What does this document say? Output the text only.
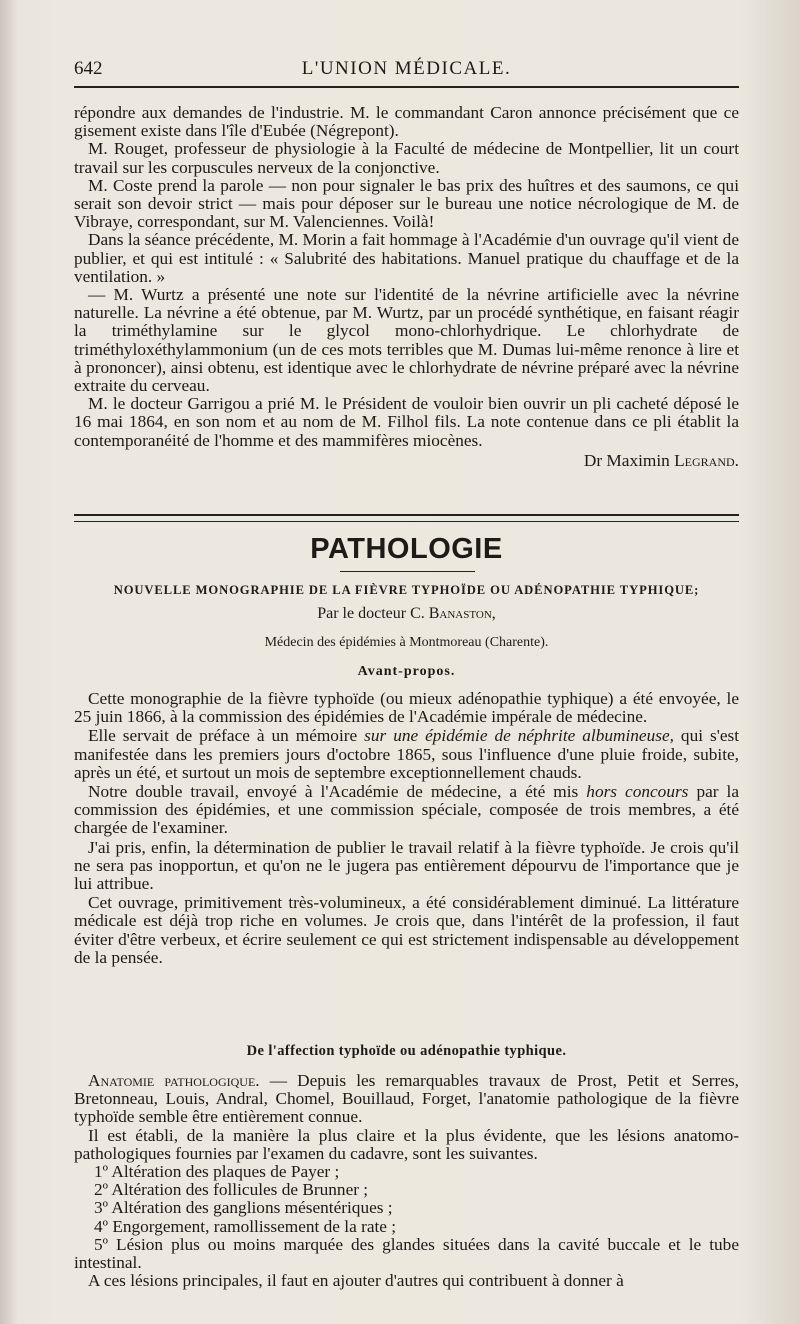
642	L'UNION MÉDICALE.

répondre aux demandes de l'industrie. M. le commandant Caron annonce précisément que ce gisement existe dans l'île d'Eubée (Négrepont).

M. Rouget, professeur de physiologie à la Faculté de médecine de Montpellier, lit un court travail sur les corpuscules nerveux de la conjonctive.

M. Coste prend la parole — non pour signaler le bas prix des huîtres et des saumons, ce qui serait son devoir strict — mais pour déposer sur le bureau une notice nécrologique de M. de Vibraye, correspondant, sur M. Valenciennes. Voilà!

Dans la séance précédente, M. Morin a fait hommage à l'Académie d'un ouvrage qu'il vient de publier, et qui est intitulé : « Salubrité des habitations. Manuel pratique du chauffage et de la ventilation. »

— M. Wurtz a présenté une note sur l'identité de la névrine artificielle avec la névrine naturelle. La névrine a été obtenue, par M. Wurtz, par un procédé synthétique, en faisant réagir la triméthylamine sur le glycol mono-chlorhydrique. Le chlorhydrate de triméthyloxéthylammonium (un de ces mots terribles que M. Dumas lui-même renonce à lire et à prononcer), ainsi obtenu, est identique avec le chlorhydrate de névrine préparé avec la névrine extraite du cerveau.

M. le docteur Garrigou a prié M. le Président de vouloir bien ouvrir un pli cacheté déposé le 16 mai 1864, en son nom et au nom de M. Filhol fils. La note contenue dans ce pli établit la contemporanéité de l'homme et des mammifères miocènes.

Dr Maximin Legrand.

PATHOLOGIE
NOUVELLE MONOGRAPHIE DE LA FIÈVRE TYPHOÏDE OU ADÉNOPATHIE TYPHIQUE;
Par le docteur C. Banaston,
Médecin des épidémies à Montmoreau (Charente).
Avant-propos.

Cette monographie de la fièvre typhoïde (ou mieux adénopathie typhique) a été envoyée, le 25 juin 1866, à la commission des épidémies de l'Académie impérale de médecine.

Elle servait de préface à un mémoire sur une épidémie de néphrite albumineuse, qui s'est manifestée dans les premiers jours d'octobre 1865, sous l'influence d'une pluie froide, subite, après un été, et surtout un mois de septembre exceptionnellement chauds.

Notre double travail, envoyé à l'Académie de médecine, a été mis hors concours par la commission des épidémies, et une commission spéciale, composée de trois membres, a été chargée de l'examiner.

J'ai pris, enfin, la détermination de publier le travail relatif à la fièvre typhoïde. Je crois qu'il ne sera pas inopportun, et qu'on ne le jugera pas entièrement dépourvu de l'importance que je lui attribue.

Cet ouvrage, primitivement très-volumineux, a été considérablement diminué. La littérature médicale est déjà trop riche en volumes. Je crois que, dans l'intérêt de la profession, il faut éviter d'être verbeux, et écrire seulement ce qui est strictement indispensable au développement de la pensée.

De l'affection typhoïde ou adénopathie typhique.

Anatomie pathologique. — Depuis les remarquables travaux de Prost, Petit et Serres, Bretonneau, Louis, Andral, Chomel, Bouillaud, Forget, l'anatomie pathologique de la fièvre typhoïde semble être entièrement connue.

Il est établi, de la manière la plus claire et la plus évidente, que les lésions anatomo-pathologiques fournies par l'examen du cadavre, sont les suivantes.

1º Altération des plaques de Payer ;

2º Altération des follicules de Brunner ;

3º Altération des ganglions mésentériques ;

4º Engorgement, ramollissement de la rate ;

5º Lésion plus ou moins marquée des glandes situées dans la cavité buccale et le tube intestinal.

A ces lésions principales, il faut en ajouter d'autres qui contribuent à donner à
